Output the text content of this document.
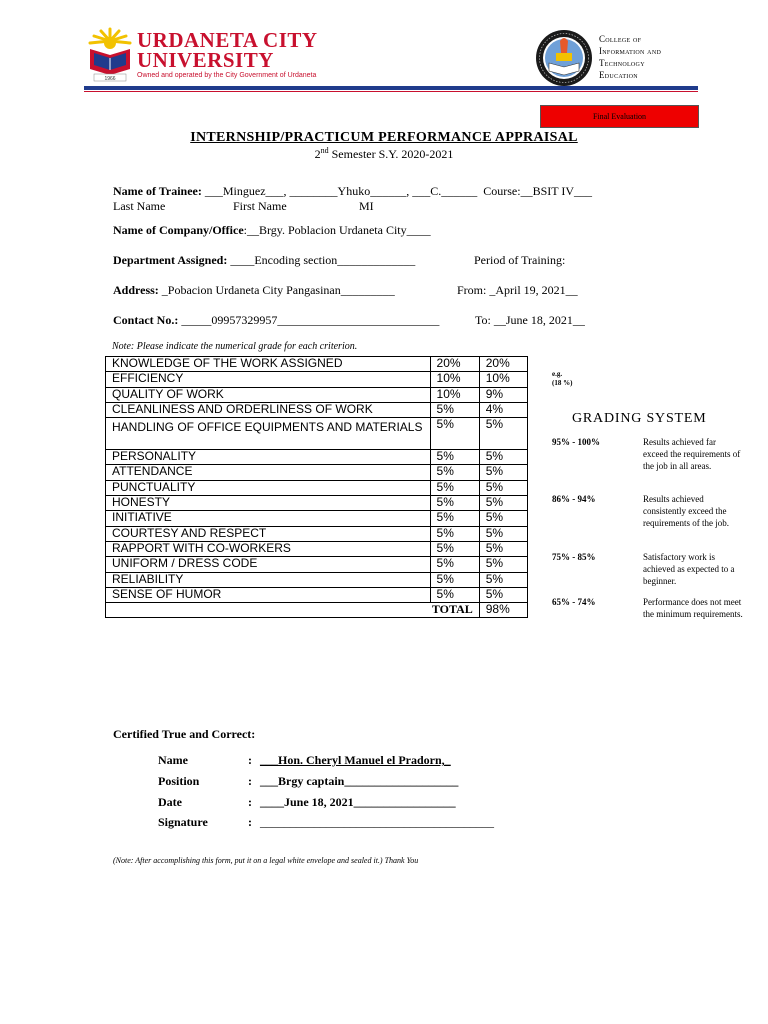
1966
URDANETA CITY
UNIVERSITY
Owned and operated by the City Government of Urdaneta
College of
Information and
Technology
Education
Final Evaluation
INTERNSHIP/PRACTICUM PERFORMANCE APPRAISAL
2nd Semester S.Y. 2020-2021
Name of Trainee: ___Minguez___, ________Yhuko______, ___C.______ Course:__BSIT IV___
Last Name	First Name	MI
Name of Company/Office:__Brgy. Poblacion Urdaneta City____
Department Assigned: ____Encoding section_____________	Period of Training:
Address: _Pobacion Urdaneta City Pangasinan_________	From: _April 19, 2021__
Contact No.: _____09957329957___________________________	To: __June 18, 2021__
Note: Please indicate the numerical grade for each criterion.
KNOWLEDGE OF THE WORK ASSIGNED	20%	20%
EFFICIENCY	10%	10%
QUALITY OF WORK	10%	9%
CLEANLINESS AND ORDERLINESS OF WORK	5%	4%
HANDLING OF OFFICE EQUIPMENTS AND MATERIALS	5%	5%
PERSONALITY	5%	5%
ATTENDANCE	5%	5%
PUNCTUALITY	5%	5%
HONESTY	5%	5%
INITIATIVE	5%	5%
COURTESY AND RESPECT	5%	5%
RAPPORT WITH CO-WORKERS	5%	5%
UNIFORM / DRESS CODE	5%	5%
RELIABILITY	5%	5%
SENSE OF HUMOR	5%	5%
TOTAL		98%
e.g.
(18 %)
GRADING SYSTEM
95% - 100%	Results achieved far exceed the requirements of the job in all areas.
86% - 94%	Results achieved consistently exceed the requirements of the job.
75% - 85%	Satisfactory work is achieved as expected to a beginner.
65% - 74%	Performance does not meet the minimum requirements.
Certified True and Correct:
Name	: ___Hon. Cheryl Manuel el Pradorn,_
Position	: ___Brgy captain___________________
Date	: ____June 18, 2021_________________
Signature	: _______________________________________
(Note: After accomplishing this form, put it on a legal white envelope and sealed it.) Thank You
